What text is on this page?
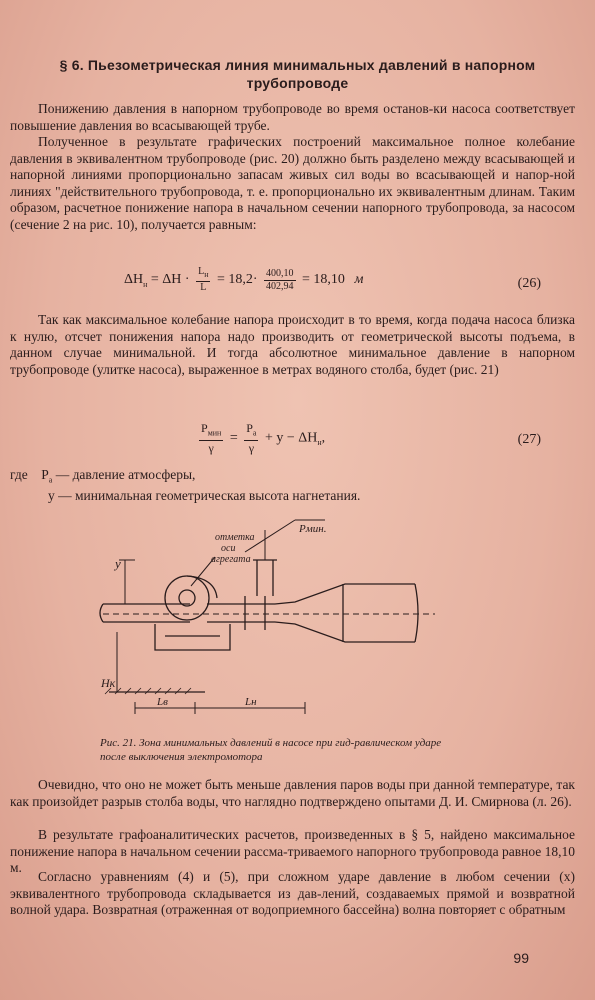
§ 6. Пьезометрическая линия минимальных давлений в напорном трубопроводе
Понижению давления в напорном трубопроводе во время останов-ки насоса соответствует повышение давления во всасывающей трубе.
Полученное в результате графических построений максимальное полное колебание давления в эквивалентном трубопроводе (рис. 20) должно быть разделено между всасывающей и напорной линиями пропорционально запасам живых сил воды во всасывающей и напор-ной линиях "действительного трубопровода, т. е. пропорционально их эквивалентным длинам. Таким образом, расчетное понижение напора в начальном сечении напорного трубопровода, за насосом (сечение 2 на рис. 10), получается равным:
$\Delta H_н = \Delta H \cdot \frac{L_н}{L} = 18,2\cdot \frac{400,10}{402,94} = 18,10$ м	(26)
Так как максимальное колебание напора происходит в то время, когда подача насоса близка к нулю, отсчет понижения напора надо производить от геометрической высоты подъема, в данном случае минимальной. И тогда абсолютное минимальное давление в напорном трубопроводе (улитке насоса), выраженное в метрах водяного столба, будет (рис. 21)
$\frac{P_{мин}}{\gamma} = \frac{P_а}{\gamma} + y - \Delta H_н$,	(27)
где $P_а$ — давление атмосферы,
y — минимальная геометрическая высота нагнетания.
Pмин.
отметка
оси
агрегата
y
Hк
Lв	Lн
Рис. 21. Зона минимальных давлений в насосе при гид-равлическом ударе после выключения электромотора
Очевидно, что оно не может быть меньше давления паров воды при данной температуре, так как произойдет разрыв столба воды, что наглядно подтверждено опытами Д. И. Смирнова (л. 26).
В результате графоаналитических расчетов, произведенных в § 5, найдено максимальное понижение напора в начальном сечении рассма-триваемого напорного трубопровода равное 18,10 м.
Согласно уравнениям (4) и (5), при сложном ударе давление в любом сечении (x) эквивалентного трубопровода складывается из дав-лений, создаваемых прямой и возвратной волной удара. Возвратная (отраженная от водоприемного бассейна) волна повторяет с обратным
99
